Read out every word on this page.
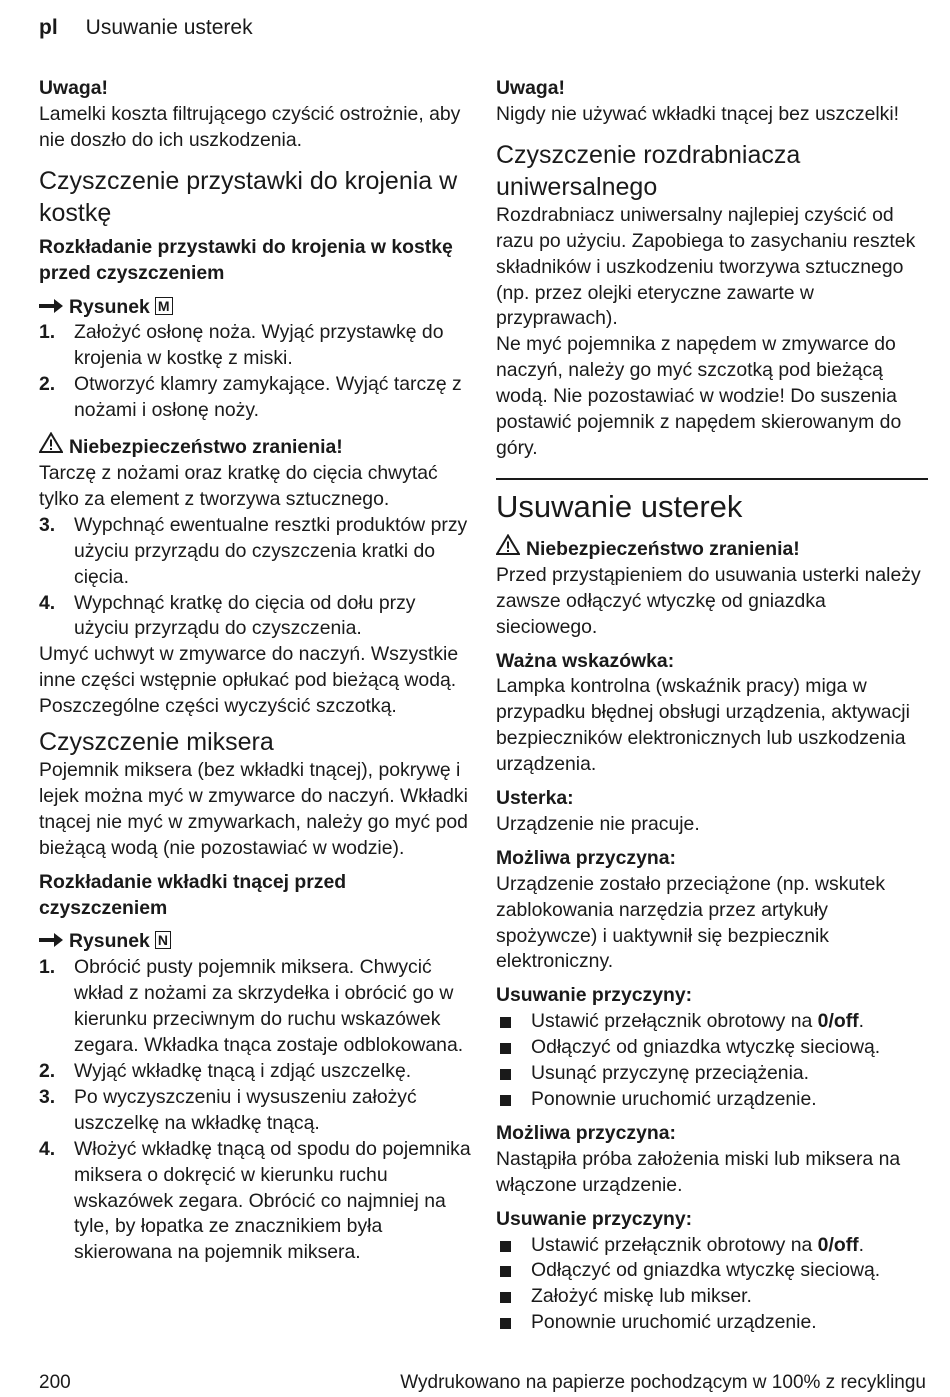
pl Usuwanie usterek

Uwaga!

Lamelki koszta filtrującego czyścić ostrożnie, aby nie doszło do ich uszkodzenia.

Czyszczenie przystawki do krojenia w kostkę

Rozkładanie przystawki do krojenia w kostkę przed czyszczeniem

Rysunek M

1. Założyć osłonę noża. Wyjąć przystawkę do krojenia w kostkę z miski.
2. Otworzyć klamry zamykające. Wyjąć tarczę z nożami i osłonę noży.

Niebezpieczeństwo zranienia!

Tarczę z nożami oraz kratkę do cięcia chwytać tylko za element z tworzywa sztucznego.

3. Wypchnąć ewentualne resztki produktów przy użyciu przyrządu do czyszczenia kratki do cięcia.
4. Wypchnąć kratkę do cięcia od dołu przy użyciu przyrządu do czyszczenia.

Umyć uchwyt w zmywarce do naczyń. Wszystkie inne części wstępnie opłukać pod bieżącą wodą. Poszczególne części wyczyścić szczotką.

Czyszczenie miksera

Pojemnik miksera (bez wkładki tnącej), pokrywę i lejek można myć w zmywarce do naczyń. Wkładki tnącej nie myć w zmywarkach, należy go myć pod bieżącą wodą (nie pozostawiać w wodzie).

Rozkładanie wkładki tnącej przed czyszczeniem

Rysunek N

1. Obrócić pusty pojemnik miksera. Chwycić wkład z nożami za skrzydełka i obrócić go w kierunku przeciwnym do ruchu wskazówek zegara. Wkładka tnąca zostaje odblokowana.
2. Wyjąć wkładkę tnącą i zdjąć uszczelkę.
3. Po wyczyszczeniu i wysuszeniu założyć uszczelkę na wkładkę tnącą.
4. Włożyć wkładkę tnącą od spodu do pojemnika miksera o dokręcić w kierunku ruchu wskazówek zegara. Obrócić co najmniej na tyle, by łopatka ze znacznikiem była skierowana na pojemnik miksera.

Uwaga!

Nigdy nie używać wkładki tnącej bez uszczelki!

Czyszczenie rozdrabniacza uniwersalnego

Rozdrabniacz uniwersalny najlepiej czyścić od razu po użyciu. Zapobiega to zasychaniu resztek składników i uszkodzeniu tworzywa sztucznego (np. przez olejki eteryczne zawarte w przyprawach).

Ne myć pojemnika z napędem w zmywarce do naczyń, należy go myć szczotką pod bieżącą wodą. Nie pozostawiać w wodzie! Do suszenia postawić pojemnik z napędem skierowanym do góry.

Usuwanie usterek

Niebezpieczeństwo zranienia!

Przed przystąpieniem do usuwania usterki należy zawsze odłączyć wtyczkę od gniazdka sieciowego.

Ważna wskazówka:

Lampka kontrolna (wskaźnik pracy) miga w przypadku błędnej obsługi urządzenia, aktywacji bezpieczników elektronicznych lub uszkodzenia urządzenia.

Usterka:

Urządzenie nie pracuje.

Możliwa przyczyna:

Urządzenie zostało przeciążone (np. wskutek zablokowania narzędzia przez artykuły spożywcze) i uaktywnił się bezpiecznik elektroniczny.

Usuwanie przyczyny:

Ustawić przełącznik obrotowy na 0/off.
Odłączyć od gniazdka wtyczkę sieciową.
Usunąć przyczynę przeciążenia.
Ponownie uruchomić urządzenie.

Możliwa przyczyna:

Nastąpiła próba założenia miski lub miksera na włączone urządzenie.

Usuwanie przyczyny:

Ustawić przełącznik obrotowy na 0/off.
Odłączyć od gniazdka wtyczkę sieciową.
Założyć miskę lub mikser.
Ponownie uruchomić urządzenie.
200	Wydrukowano na papierze pochodzącym w 100% z recyklingu
